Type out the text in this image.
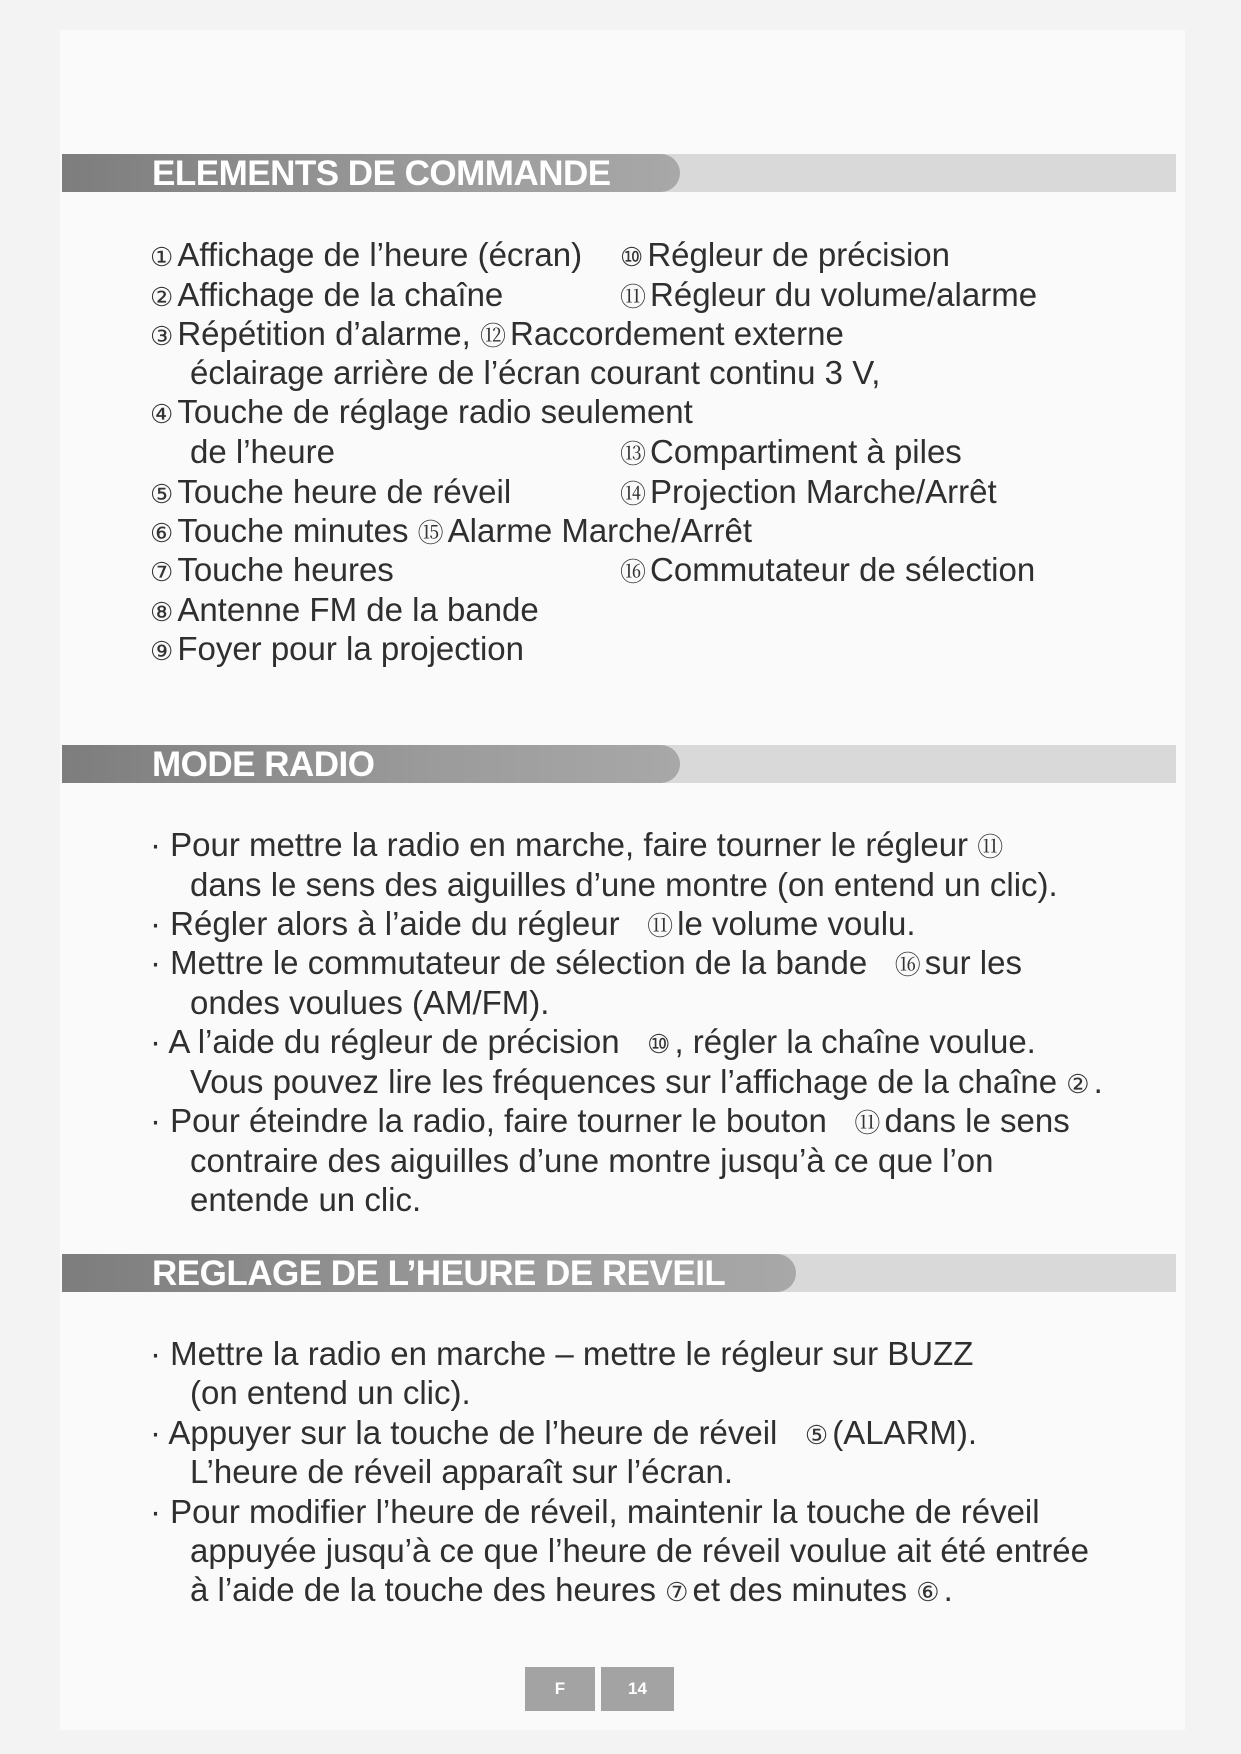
ELEMENTS DE COMMANDE
① Affichage de l’heure (écran) ⑩ Régleur de précision
② Affichage de la chaîne	⑪ Régleur du volume/alarme
③ Répétition d’alarme, ⑫ Raccordement externe
éclairage arrière de l’écran courant continu 3 V,
④ Touche de réglage radio seulement
de l’heure	⑬ Compartiment à piles
⑤ Touche heure de réveil	⑭ Projection Marche/Arrêt
⑥ Touche minutes ⑮ Alarme Marche/Arrêt
⑦ Touche heures	⑯ Commutateur de sélection
⑧ Antenne FM de la bande
⑨ Foyer pour la projection
MODE RADIO
· Pour mettre la radio en marche, faire tourner le régleur ⑪
dans le sens des aiguilles d’une montre (on entend un clic).
· Régler alors à l’aide du régleur ⑪ le volume voulu.
· Mettre le commutateur de sélection de la bande ⑯ sur les
ondes voulues (AM/FM).
· A l’aide du régleur de précision ⑩ , régler la chaîne voulue.
Vous pouvez lire les fréquences sur l’affichage de la chaîne ② .
· Pour éteindre la radio, faire tourner le bouton ⑪ dans le sens
contraire des aiguilles d’une montre jusqu’à ce que l’on
entende un clic.
REGLAGE DE L’HEURE DE REVEIL
· Mettre la radio en marche – mettre le régleur sur BUZZ
(on entend un clic).
· Appuyer sur la touche de l’heure de réveil ⑤ (ALARM).
L’heure de réveil apparaît sur l’écran.
· Pour modifier l’heure de réveil, maintenir la touche de réveil
appuyée jusqu’à ce que l’heure de réveil voulue ait été entrée
à l’aide de la touche des heures ⑦ et des minutes ⑥ .
F	14
